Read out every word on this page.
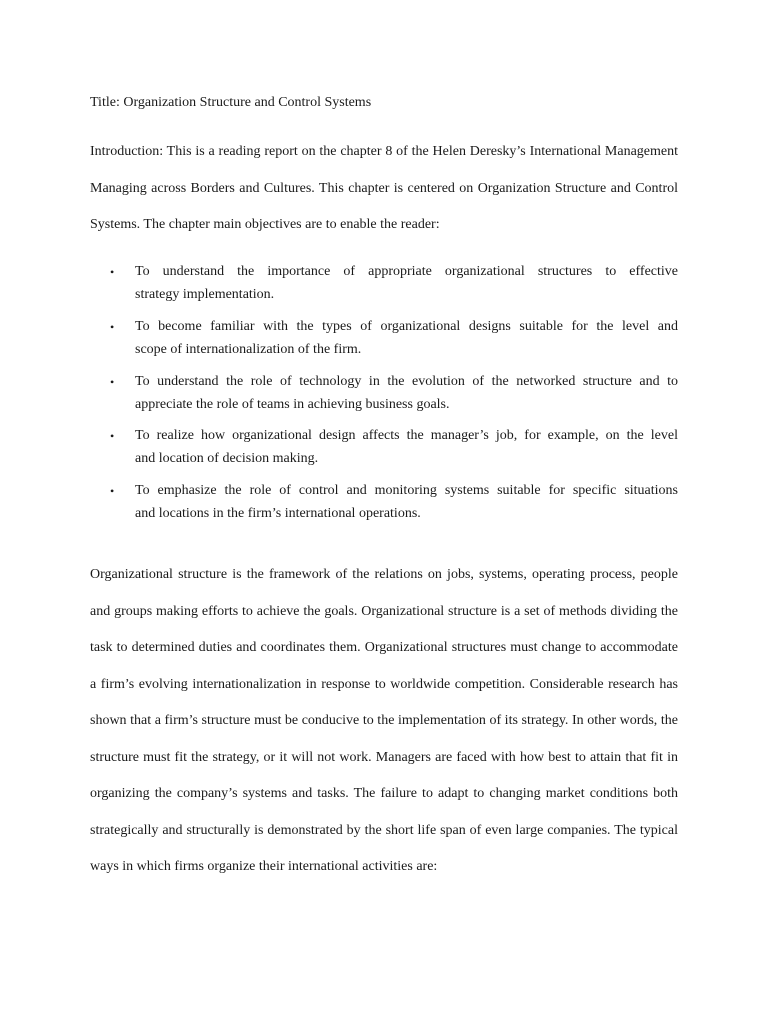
Title: Organization Structure and Control Systems

Introduction: This is a reading report on the chapter 8 of the Helen Deresky’s International Management Managing across Borders and Cultures. This chapter is centered on Organization Structure and Control Systems. The chapter main objectives are to enable the reader:

• To understand the importance of appropriate organizational structures to effective
strategy implementation.
• To become familiar with the types of organizational designs suitable for the level and
scope of internationalization of the firm.
• To understand the role of technology in the evolution of the networked structure and to
appreciate the role of teams in achieving business goals.
• To realize how organizational design affects the manager’s job, for example, on the level
and location of decision making.
• To emphasize the role of control and monitoring systems suitable for specific situations
and locations in the firm’s international operations.

Organizational structure is the framework of the relations on jobs, systems, operating process, people and groups making efforts to achieve the goals. Organizational structure is a set of methods dividing the task to determined duties and coordinates them. Organizational structures must change to accommodate a firm’s evolving internationalization in response to worldwide competition. Considerable research has shown that a firm’s structure must be conducive to the implementation of its strategy. In other words, the structure must fit the strategy, or it will not work. Managers are faced with how best to attain that fit in organizing the company’s systems and tasks. The failure to adapt to changing market conditions both strategically and structurally is demonstrated by the short life span of even large companies. The typical ways in which firms organize their international activities are:
